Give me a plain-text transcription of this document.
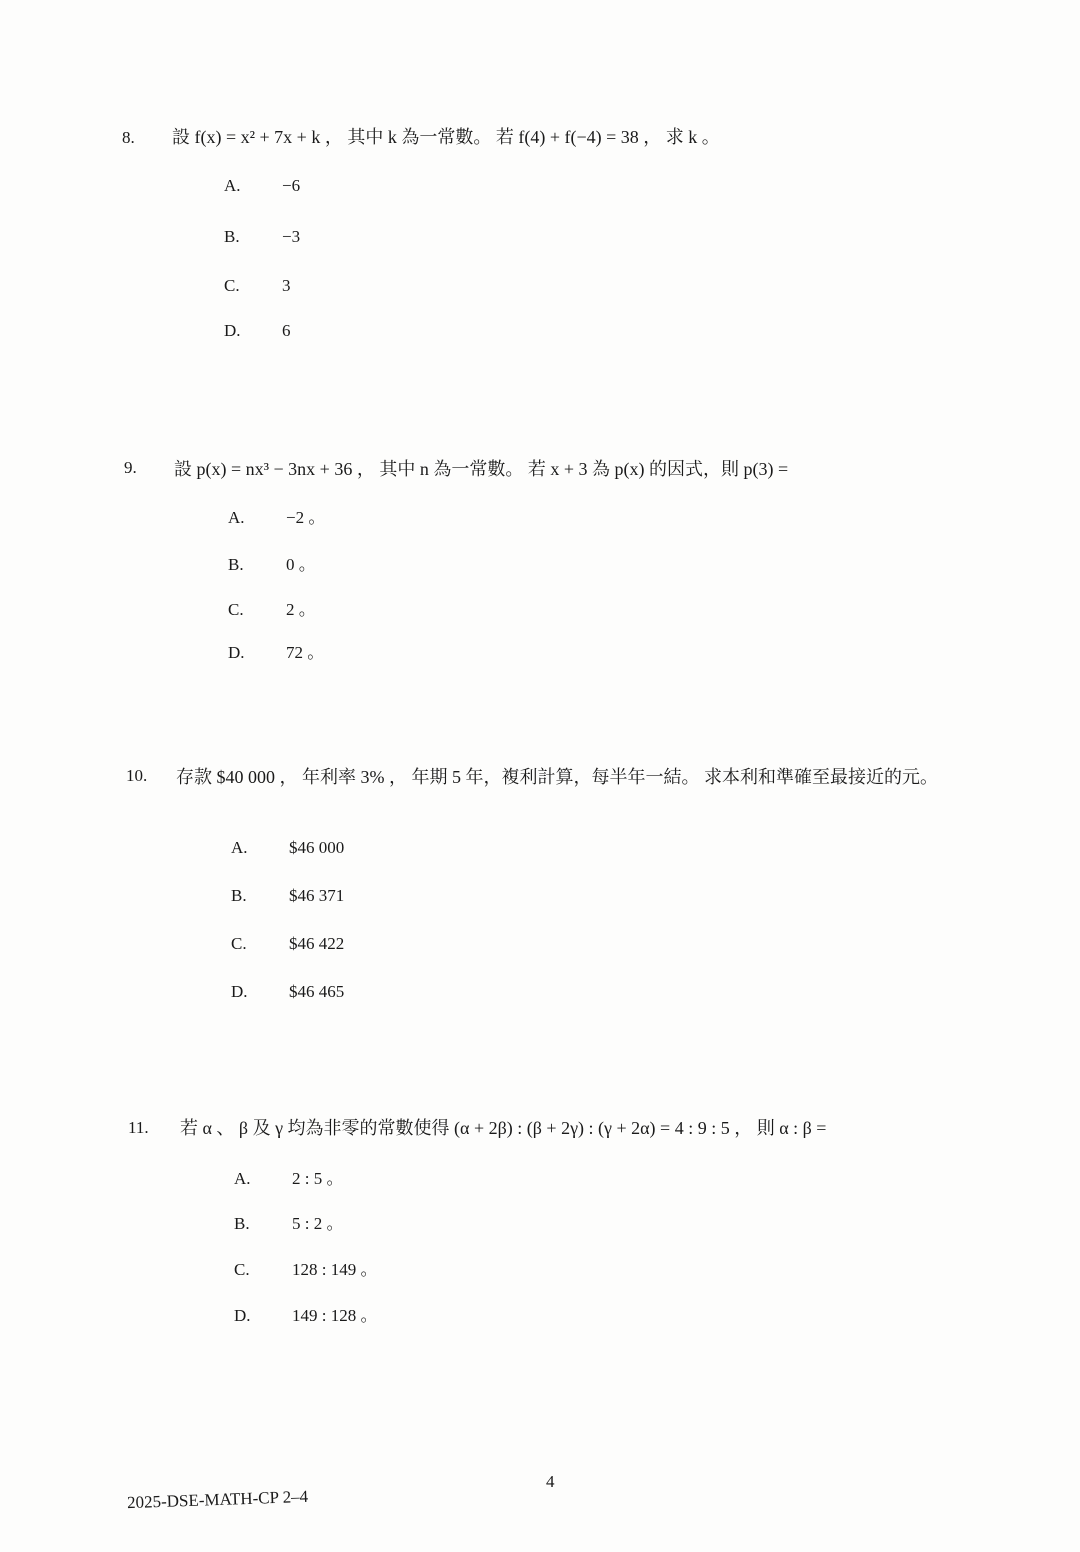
8. 設 f(x) = x² + 7x + k ， 其中 k 為一常數。 若 f(4) + f(−4) = 38 ， 求 k 。
A. −6
B. −3
C. 3
D. 6
9. 設 p(x) = nx³ − 3nx + 36 ， 其中 n 為一常數。 若 x + 3 為 p(x) 的因式，則 p(3) =
A. −2 。
B. 0 。
C. 2 。
D. 72 。
10. 存款 $40 000 ， 年利率 3% ， 年期 5 年，複利計算，每半年一結。 求本利和準確至最接近的元。
A. $46 000
B. $46 371
C. $46 422
D. $46 465
11. 若 α 、 β 及 γ 均為非零的常數使得 (α + 2β) : (β + 2γ) : (γ + 2α) = 4 : 9 : 5 ， 則 α : β =
A. 2 : 5 。
B. 5 : 2 。
C. 128 : 149 。
D. 149 : 128 。
4
2025-DSE-MATH-CP 2–4
